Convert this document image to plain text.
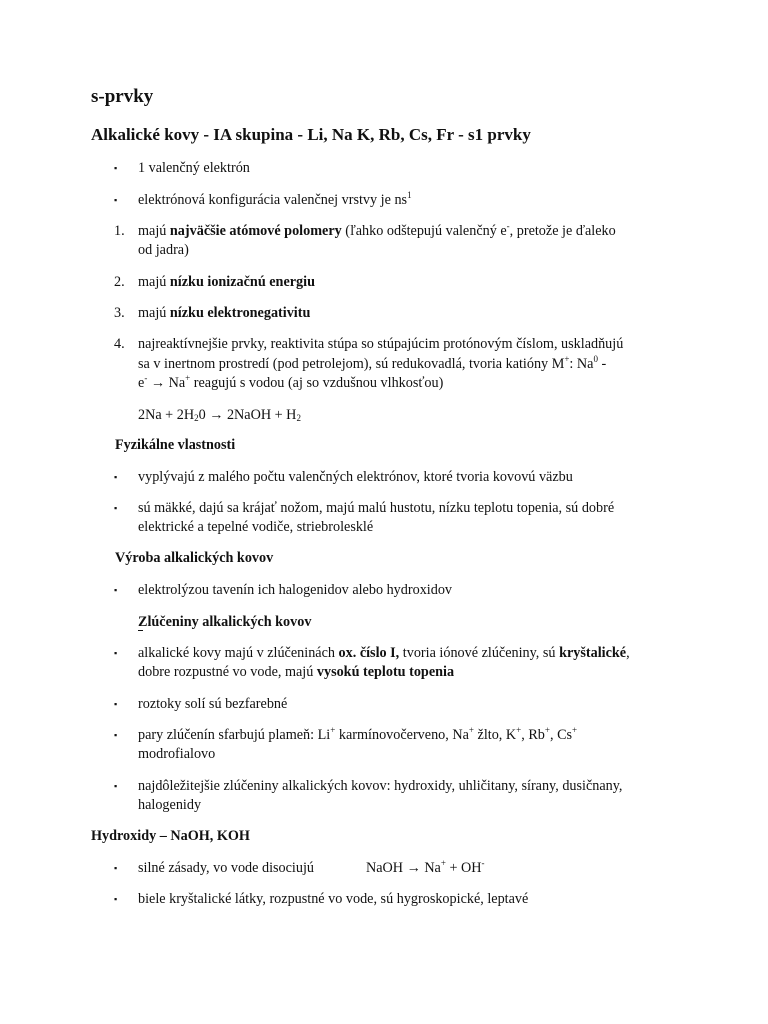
s-prvky
Alkalické kovy - IA skupina - Li, Na K, Rb, Cs, Fr - s1 prvky
▪ 1 valenčný elektrón
▪ elektrónová konfigurácia valenčnej vrstvy je $ns^1$
1. majú najväčšie atómové polomery (ľahko odštepujú valenčný e-, pretože je ďaleko
od jadra)
2. majú nízku ionizačnú energiu
3. majú nízku elektronegativitu
4. najreaktívnejšie prvky, reaktivita stúpa so stúpajúcim protónovým číslom, uskladňujú
sa v inertnom prostredí (pod petrolejom), sú redukovadlá, tvoria katióny M+: Na$^0$ -
e- → Na+ reagujú s vodou (aj so vzdušnou vlhkosťou)
$2Na + 2H_20$ → 2NaOH + $H_2$
Fyzikálne vlastnosti
▪ vyplývajú z malého počtu valenčných elektrónov, ktoré tvoria kovovú väzbu
▪ sú mäkké, dajú sa krájať nožom, majú malú hustotu, nízku teplotu topenia, sú dobré
elektrické a tepelné vodiče, striebrolesklé
Výroba alkalických kovov
▪ elektrolýzou tavenín ich halogenidov alebo hydroxidov
Zlúčeniny alkalických kovov
▪ alkalické kovy majú v zlúčeninách ox. číslo I, tvoria iónové zlúčeniny, sú kryštalické,
dobre rozpustné vo vode, majú vysokú teplotu topenia
▪ roztoky solí sú bezfarebné
▪ pary zlúčenín sfarbujú plameň: Li+ karmínovočerveno, Na+ žlto, K+, Rb+, Cs+
modrofialovo
▪ najdôležitejšie zlúčeniny alkalických kovov: hydroxidy, uhličitany, sírany, dusičnany,
halogenidy
Hydroxidy – NaOH, KOH
▪ silné zásady, vo vode disociujú	NaOH → Na+ + OH-
▪ biele kryštalické látky, rozpustné vo vode, sú hygroskopické, leptavé
